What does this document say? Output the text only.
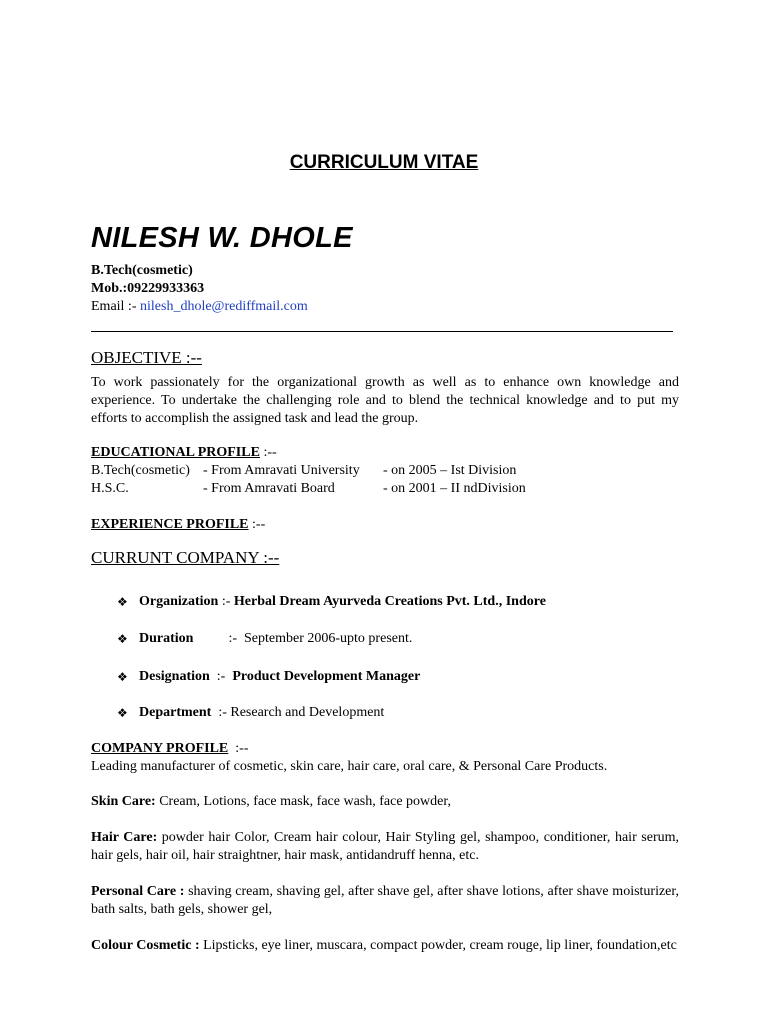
CURRICULUM VITAE
NILESH W. DHOLE
B.Tech(cosmetic)
Mob.:09229933363
Email :- nilesh_dhole@rediffmail.com
OBJECTIVE :--
To work passionately for the organizational growth as well as to enhance own knowledge and experience. To undertake the challenging role and to blend the technical knowledge and to put my efforts to accomplish the assigned task and lead the group.
EDUCATIONAL PROFILE :--
B.Tech(cosmetic) - From Amravati University	- on 2005 – Ist Division
H.S.C.	- From Amravati Board	- on 2001 – II ndDivision
EXPERIENCE PROFILE :--
CURRUNT COMPANY :--
❖ Organization :- Herbal Dream Ayurveda Creations Pvt. Ltd., Indore
❖ Duration :- September 2006-upto present.
❖ Designation :- Product Development Manager
❖ Department :- Research and Development
COMPANY PROFILE  :--
Leading manufacturer of cosmetic, skin care, hair care, oral care, & Personal Care Products.
Skin Care: Cream, Lotions, face mask, face wash, face powder,
Hair Care: powder hair Color, Cream hair colour, Hair Styling gel, shampoo, conditioner, hair serum, hair gels, hair oil, hair straightner, hair mask, antidandruff henna, etc.
Personal Care : shaving cream, shaving gel, after shave gel, after shave lotions, after shave moisturizer, bath salts, bath gels, shower gel,
Colour Cosmetic : Lipsticks, eye liner, muscara, compact powder, cream rouge, lip liner, foundation,etc
